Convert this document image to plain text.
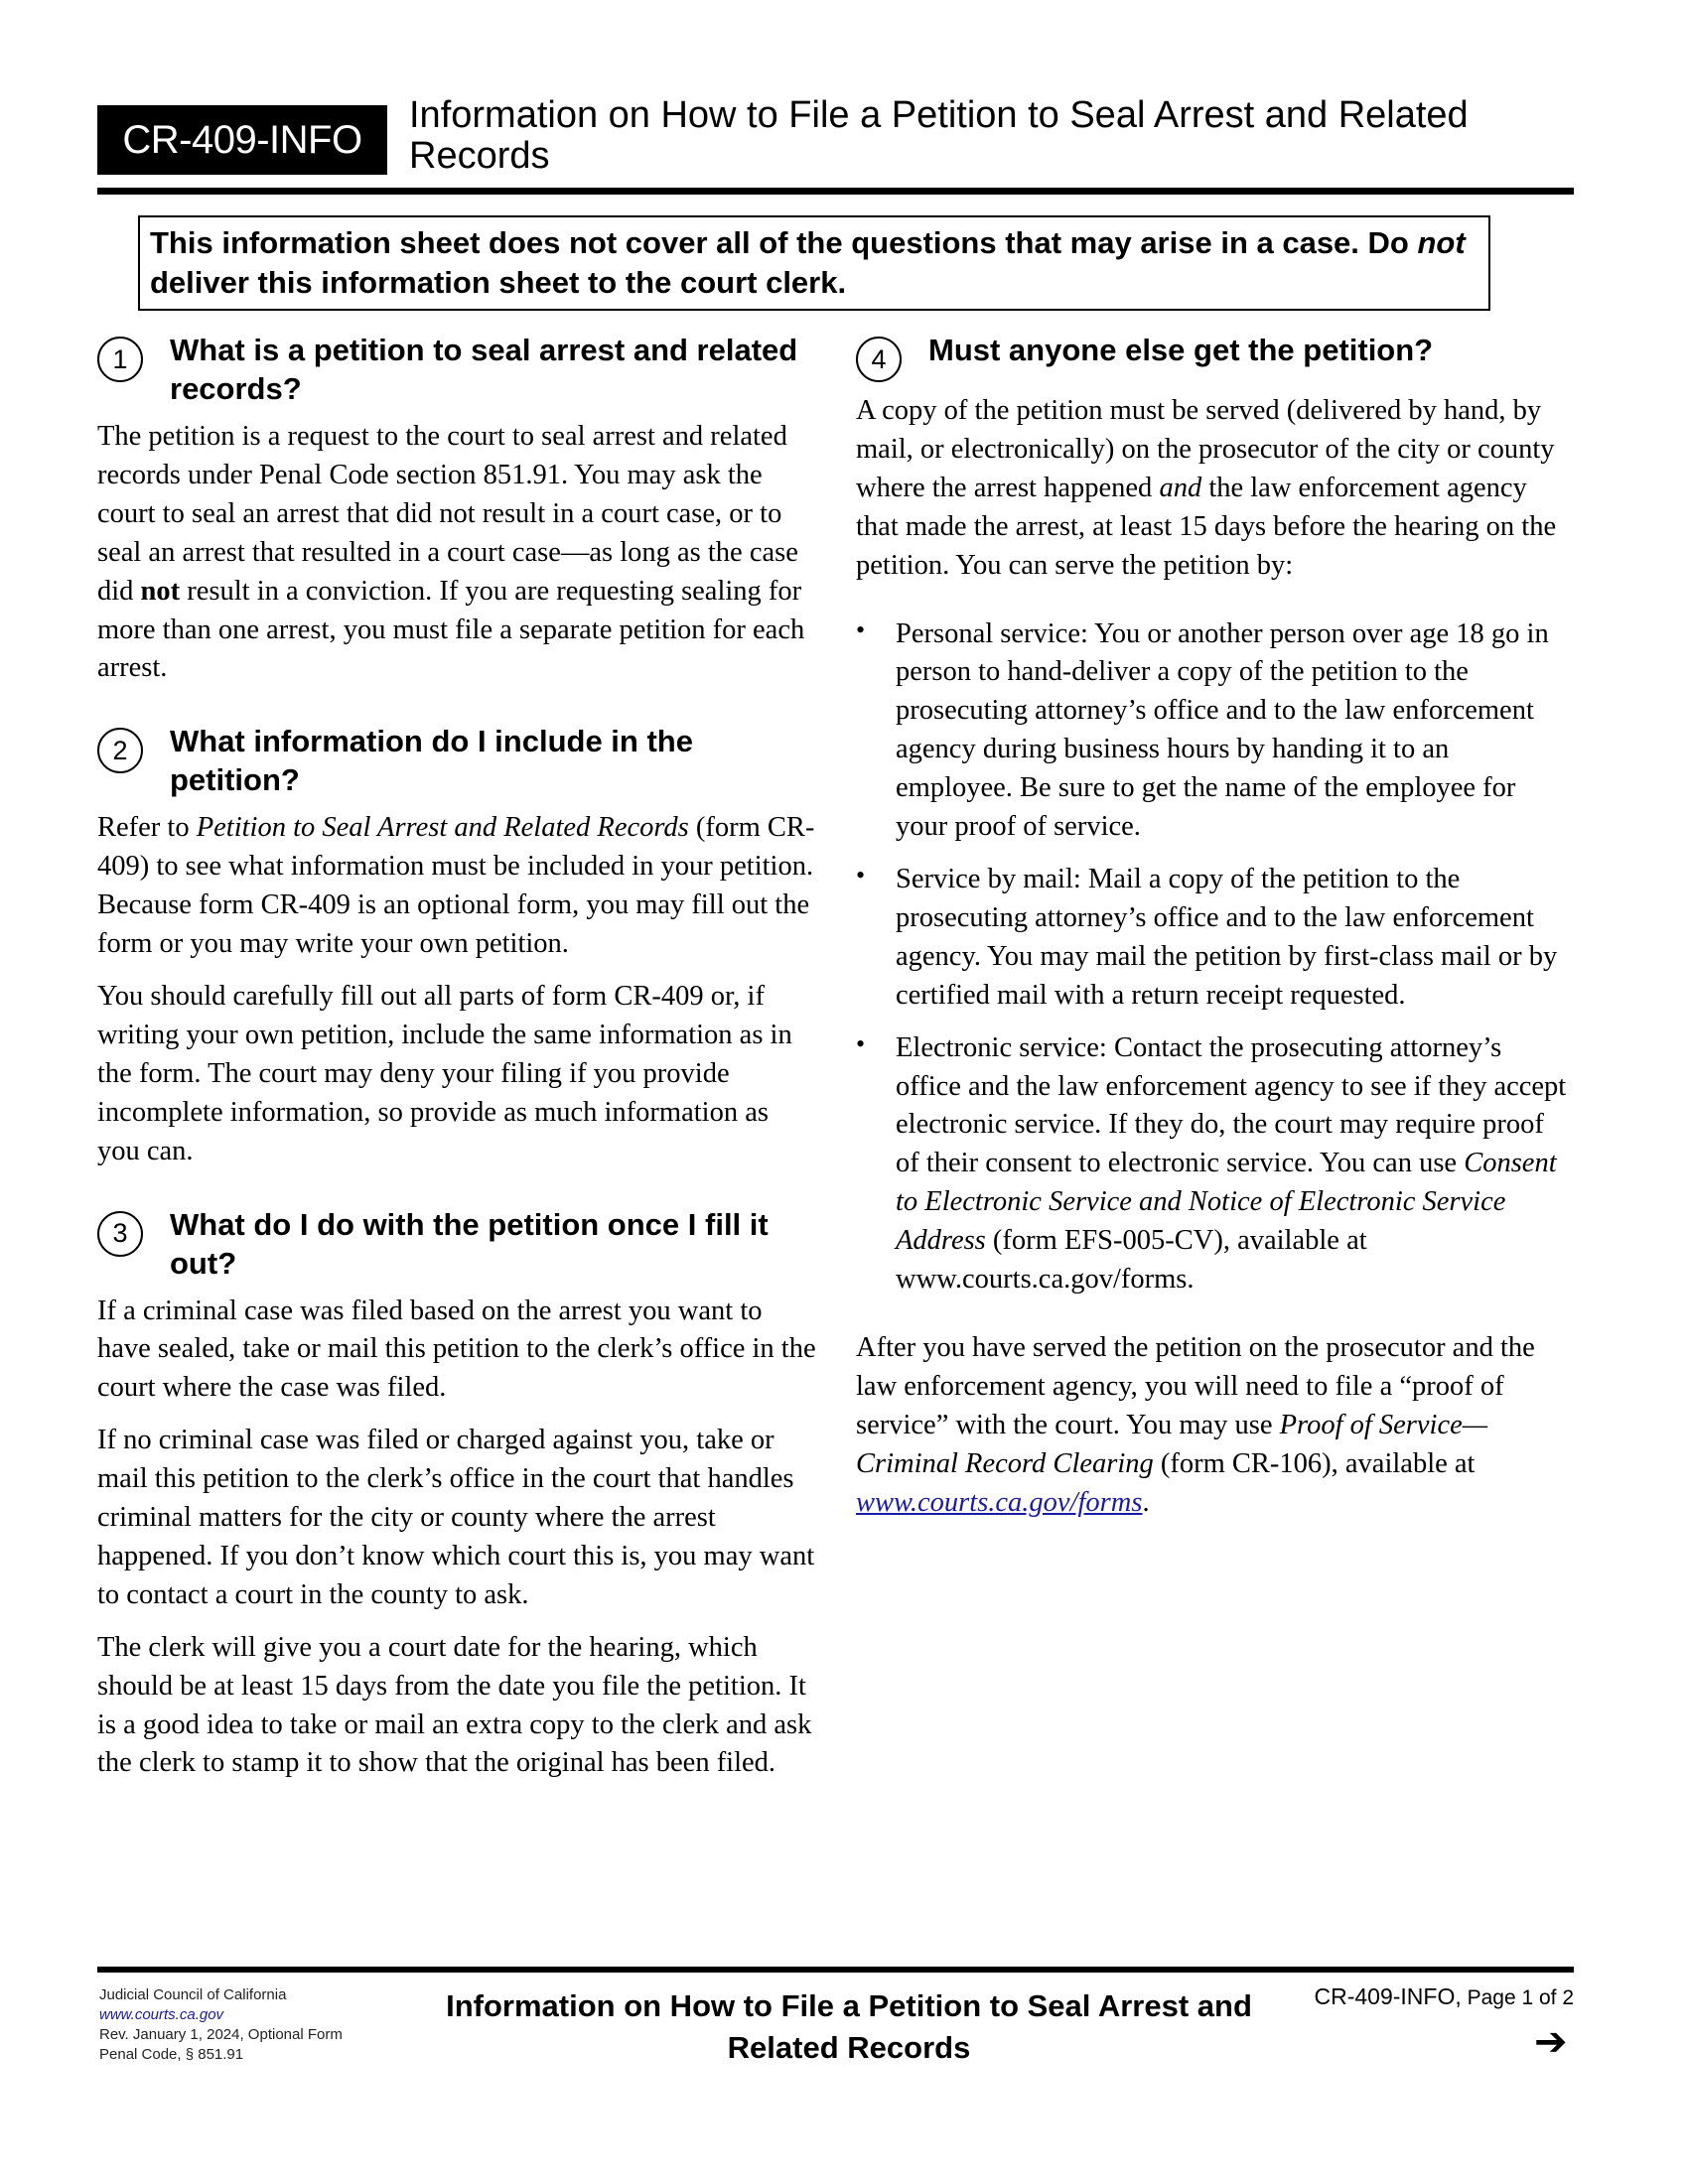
CR-409-INFO
Information on How to File a Petition to Seal Arrest and Related Records
This information sheet does not cover all of the questions that may arise in a case. Do not deliver this information sheet to the court clerk.
1	What is a petition to seal arrest and related records?

The petition is a request to the court to seal arrest and related records under Penal Code section 851.91. You may ask the court to seal an arrest that did not result in a court case, or to seal an arrest that resulted in a court case—as long as the case did not result in a conviction. If you are requesting sealing for more than one arrest, you must file a separate petition for each arrest.

2	What information do I include in the petition?

Refer to Petition to Seal Arrest and Related Records (form CR-409) to see what information must be included in your petition. Because form CR-409 is an optional form, you may fill out the form or you may write your own petition.

You should carefully fill out all parts of form CR-409 or, if writing your own petition, include the same information as in the form. The court may deny your filing if you provide incomplete information, so provide as much information as you can.

3	What do I do with the petition once I fill it out?

If a criminal case was filed based on the arrest you want to have sealed, take or mail this petition to the clerk’s office in the court where the case was filed.

If no criminal case was filed or charged against you, take or mail this petition to the clerk’s office in the court that handles criminal matters for the city or county where the arrest happened. If you don’t know which court this is, you may want to contact a court in the county to ask.

The clerk will give you a court date for the hearing, which should be at least 15 days from the date you file the petition. It is a good idea to take or mail an extra copy to the clerk and ask the clerk to stamp it to show that the original has been filed.

4	Must anyone else get the petition?

A copy of the petition must be served (delivered by hand, by mail, or electronically) on the prosecutor of the city or county where the arrest happened and the law enforcement agency that made the arrest, at least 15 days before the hearing on the petition. You can serve the petition by:

• Personal service: You or another person over age 18 go in person to hand-deliver a copy of the petition to the prosecuting attorney’s office and to the law enforcement agency during business hours by handing it to an employee. Be sure to get the name of the employee for your proof of service.

• Service by mail: Mail a copy of the petition to the prosecuting attorney’s office and to the law enforcement agency. You may mail the petition by first-class mail or by certified mail with a return receipt requested.

• Electronic service: Contact the prosecuting attorney’s office and the law enforcement agency to see if they accept electronic service. If they do, the court may require proof of their consent to electronic service. You can use Consent to Electronic Service and Notice of Electronic Service Address (form EFS-005-CV), available at www.courts.ca.gov/forms.

After you have served the petition on the prosecutor and the law enforcement agency, you will need to file a “proof of service” with the court. You may use Proof of Service—Criminal Record Clearing (form CR-106), available at www.courts.ca.gov/forms.

Judicial Council of California
www.courts.ca.gov
Rev. January 1, 2024, Optional Form
Penal Code, § 851.91
Information on How to File a Petition to Seal Arrest and Related Records
CR-409-INFO, Page 1 of 2
➔
